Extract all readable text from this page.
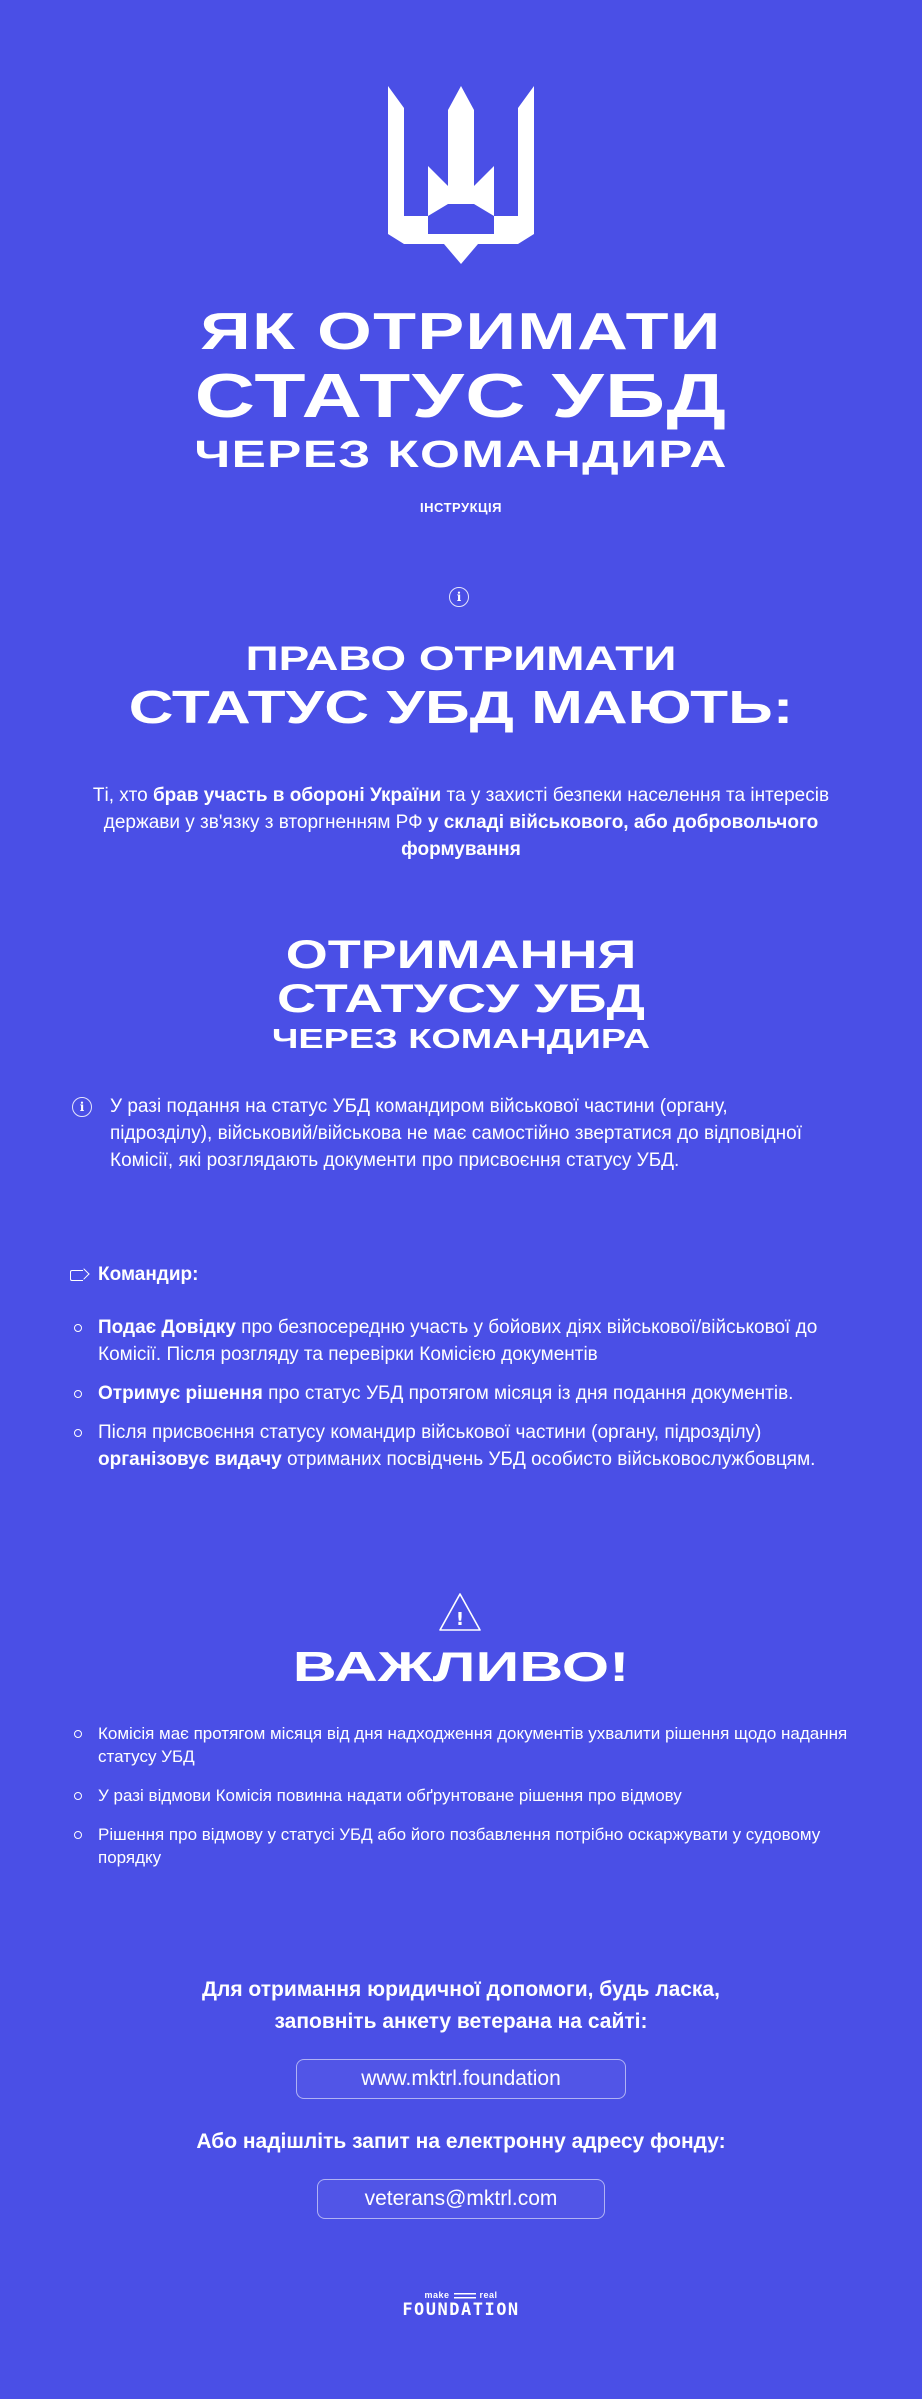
ЯК ОТРИМАТИ
СТАТУС УБД
ЧЕРЕЗ КОМАНДИРА
ІНСТРУКЦІЯ
i
ПРАВО ОТРИМАТИ
СТАТУС УБД МАЮТЬ:
Ті, хто брав участь в обороні України та у захисті безпеки населення та інтересів держави у зв'язку з вторгненням РФ у складі військового, або добровольчого формування
ОТРИМАННЯ
СТАТУСУ УБД
ЧЕРЕЗ КОМАНДИРА
i	У разі подання на статус УБД командиром військової частини (органу, підрозділу), військовий/військова не має самостійно звертатися до відповідної Комісії, які розглядають документи про присвоєння статусу УБД.

Командир:
Подає Довідку про безпосередню участь у бойових діях військової/військової до Комісії. Після розгляду та перевірки Комісією документів
Отримує рішення про статус УБД протягом місяця із дня подання документів.
Після присвоєння статусу командир військової частини (органу, підрозділу) організовує видачу отриманих посвідчень УБД особисто військовослужбовцям.
!
ВАЖЛИВО!
Комісія має протягом місяця від дня надходження документів ухвалити рішення щодо надання статусу УБД
У разі відмови Комісія повинна надати обґрунтоване рішення про відмову
Рішення про відмову у статусі УБД або його позбавлення потрібно оскаржувати у судовому порядку
Для отримання юридичної допомоги, будь ласка,
заповніть анкету ветерана на сайті:
www.mktrl.foundation
Або надішліть запит на електронну адресу фонду:
veterans@mktrl.com
make	real
FOUNDATION
